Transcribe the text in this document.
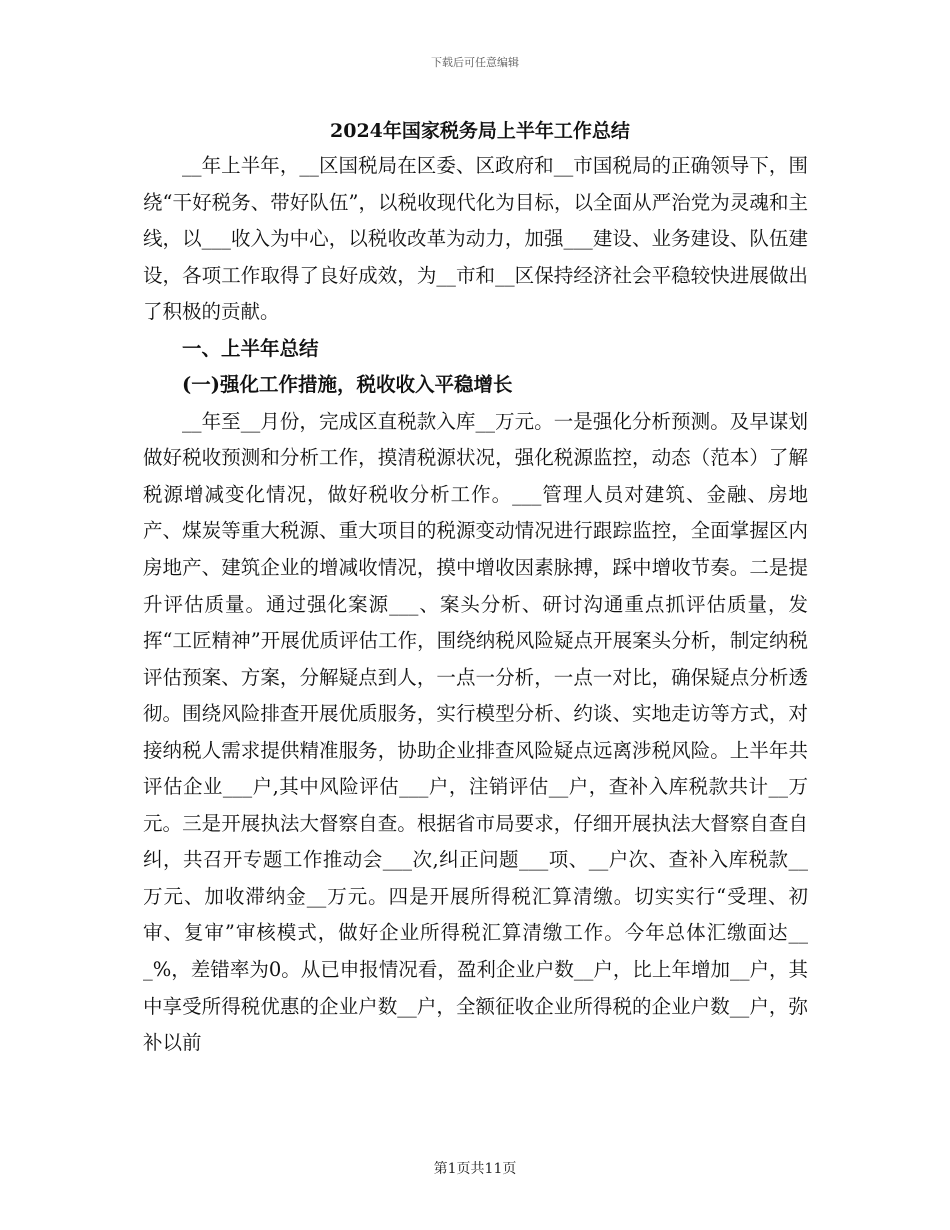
下载后可任意编辑
2024年国家税务局上半年工作总结

__年上半年，__区国税局在区委、区政府和__市国税局的正确领导下，围绕“干好税务、带好队伍”，以税收现代化为目标，以全面从严治党为灵魂和主线，以___收入为中心，以税收改革为动力，加强___建设、业务建设、队伍建设，各项工作取得了良好成效，为__市和__区保持经济社会平稳较快进展做出了积极的贡献。

一、上半年总结

(一)强化工作措施，税收收入平稳增长

__年至__月份，完成区直税款入库__万元。一是强化分析预测。及早谋划做好税收预测和分析工作，摸清税源状况，强化税源监控，动态（范本）了解税源增减变化情况，做好税收分析工作。___管理人员对建筑、金融、房地产、煤炭等重大税源、重大项目的税源变动情况进行跟踪监控，全面掌握区内房地产、建筑企业的增减收情况，摸中增收因素脉搏，踩中增收节奏。二是提升评估质量。通过强化案源___、案头分析、研讨沟通重点抓评估质量，发挥“工匠精神”开展优质评估工作，围绕纳税风险疑点开展案头分析，制定纳税评估预案、方案，分解疑点到人，一点一分析，一点一对比，确保疑点分析透彻。围绕风险排查开展优质服务，实行模型分析、约谈、实地走访等方式，对接纳税人需求提供精准服务，协助企业排查风险疑点远离涉税风险。上半年共评估企业___户,其中风险评估___户，注销评估__户，查补入库税款共计__万元。三是开展执法大督察自查。根据省市局要求，仔细开展执法大督察自查自纠，共召开专题工作推动会___次,纠正问题___项、__户次、查补入库税款__万元、加收滞纳金__万元。四是开展所得税汇算清缴。切实实行“受理、初审、复审”审核模式，做好企业所得税汇算清缴工作。今年总体汇缴面达___%，差错率为0。从已申报情况看，盈利企业户数__户，比上年增加__户，其中享受所得税优惠的企业户数__户，全额征收企业所得税的企业户数__户，弥补以前

第1页共11页
